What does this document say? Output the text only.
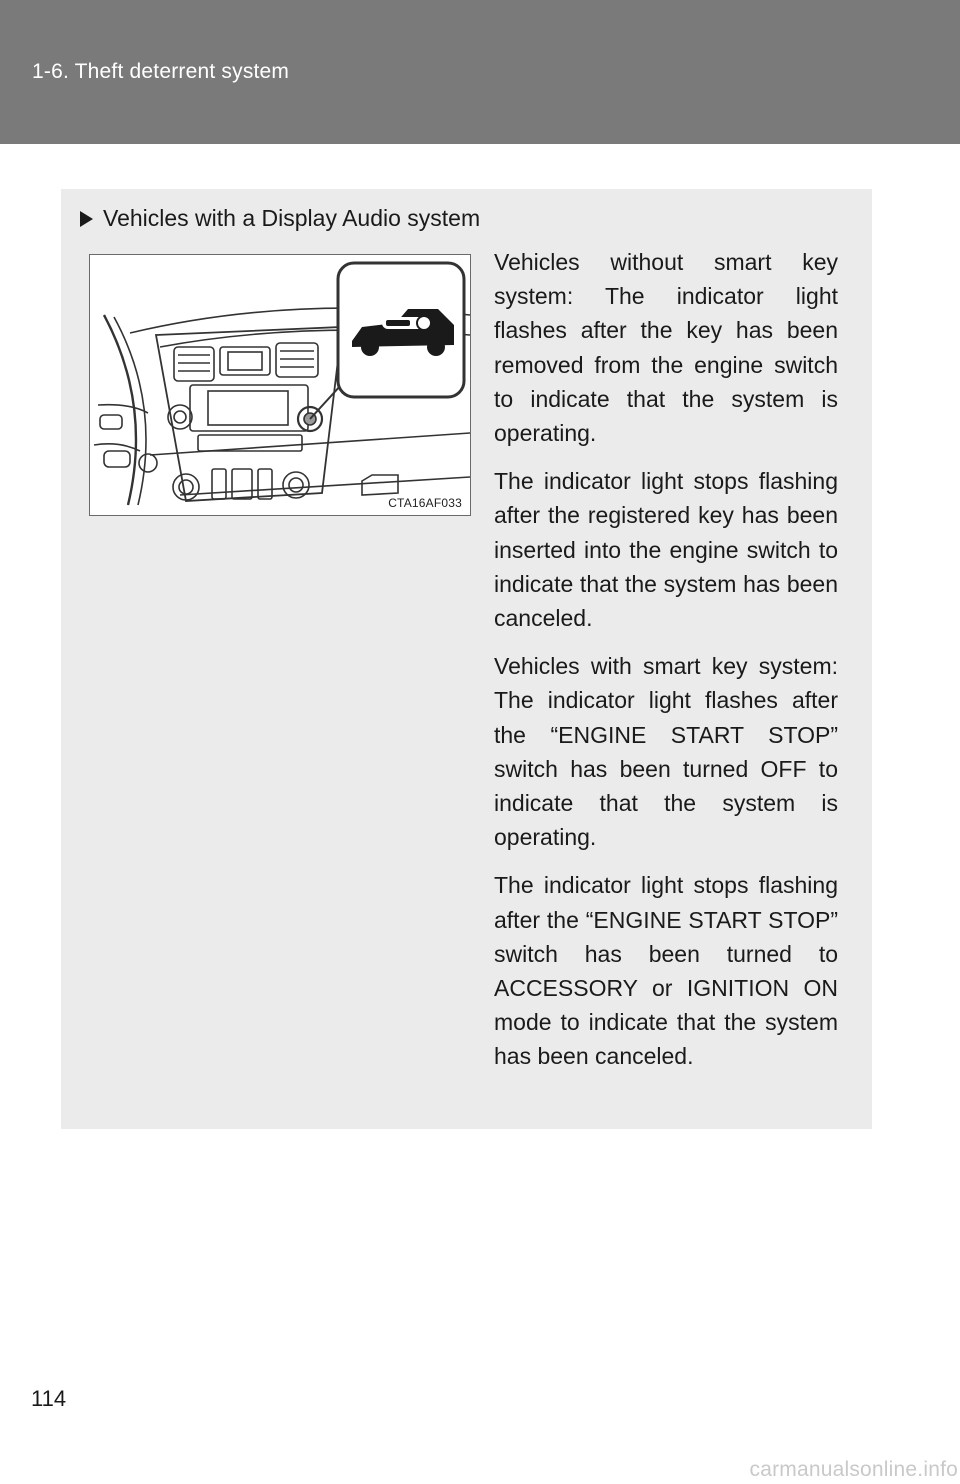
1-6. Theft deterrent system
Vehicles with a Display Audio system
CTA16AF033

Vehicles without smart key system: The indicator light flashes after the key has been removed from the engine switch to indicate that the system is operating.

The indicator light stops flashing after the registered key has been inserted into the engine switch to indicate that the system has been canceled.

Vehicles with smart key system: The indicator light flashes after the “ENGINE START STOP” switch has been turned OFF to indicate that the system is operating.

The indicator light stops flashing after the “ENGINE START STOP” switch has been turned to ACCESSORY or IGNITION ON mode to indicate that the system has been canceled.

114
carmanualsonline.info
